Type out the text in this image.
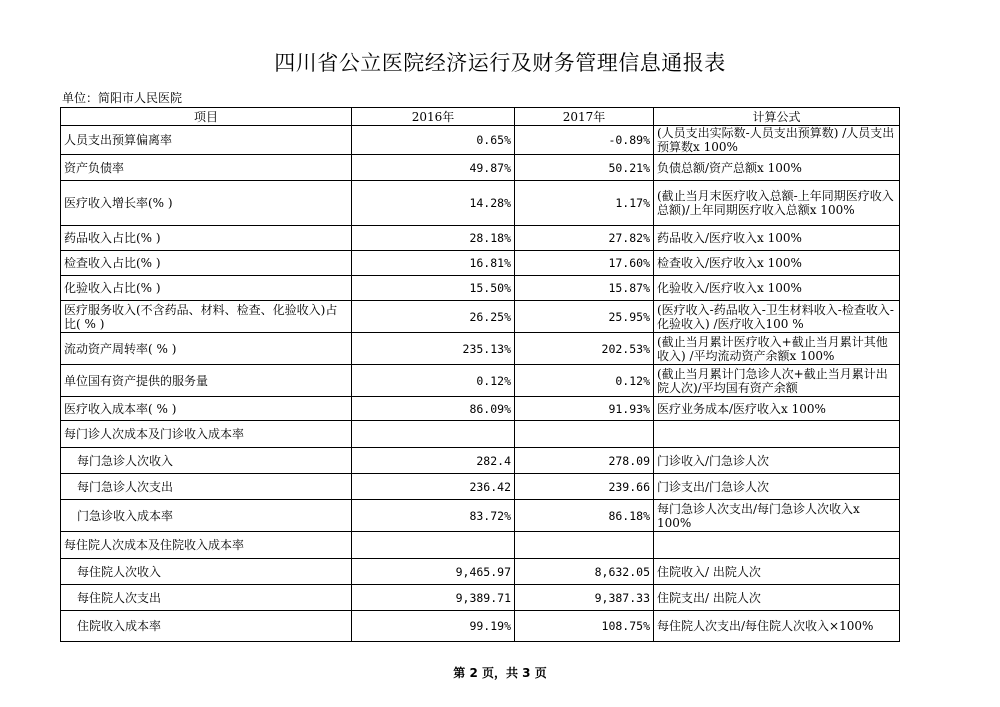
四川省公立医院经济运行及财务管理信息通报表
单位：简阳市人民医院
项目	2016年	2017年	计算公式
人员支出预算偏离率	0.65%	-0.89%	(人员支出实际数-人员支出预算数) /人员支出预算数x 100%
资产负债率	49.87%	50.21%	负债总额/资产总额x 100%
医疗收入增长率(% )	14.28%	1.17%	(截止当月末医疗收入总额-上年同期医疗收入总额)/上年同期医疗收入总额x 100%
药品收入占比(% )	28.18%	27.82%	药品收入/医疗收入x 100%
检查收入占比(% )	16.81%	17.60%	检查收入/医疗收入x 100%
化验收入占比(% )	15.50%	15.87%	化验收入/医疗收入x 100%
医疗服务收入(不含药品、材料、检查、化验收入)占比( % )	26.25%	25.95%	(医疗收入-药品收入-卫生材料收入-检查收入-化验收入) /医疗收入100 %
流动资产周转率( % )	235.13%	202.53%	(截止当月累计医疗收入+截止当月累计其他收入) /平均流动资产余额x 100%
单位国有资产提供的服务量	0.12%	0.12%	(截止当月累计门急诊人次+截止当月累计出院人次)/平均国有资产余额
医疗收入成本率( % )	86.09%	91.93%	医疗业务成本/医疗收入x 100%
每门诊人次成本及门诊收入成本率			
每门急诊人次收入	282.4	278.09	门诊收入/门急诊人次
每门急诊人次支出	236.42	239.66	门诊支出/门急诊人次
门急诊收入成本率	83.72%	86.18%	每门急诊人次支出/每门急诊人次收入x 100%
每住院人次成本及住院收入成本率			
每住院人次收入	9,465.97	8,632.05	住院收入/ 出院人次
每住院人次支出	9,389.71	9,387.33	住院支出/ 出院人次
住院收入成本率	99.19%	108.75%	每住院人次支出/每住院人次收入×100%
第 2 页，共 3 页
